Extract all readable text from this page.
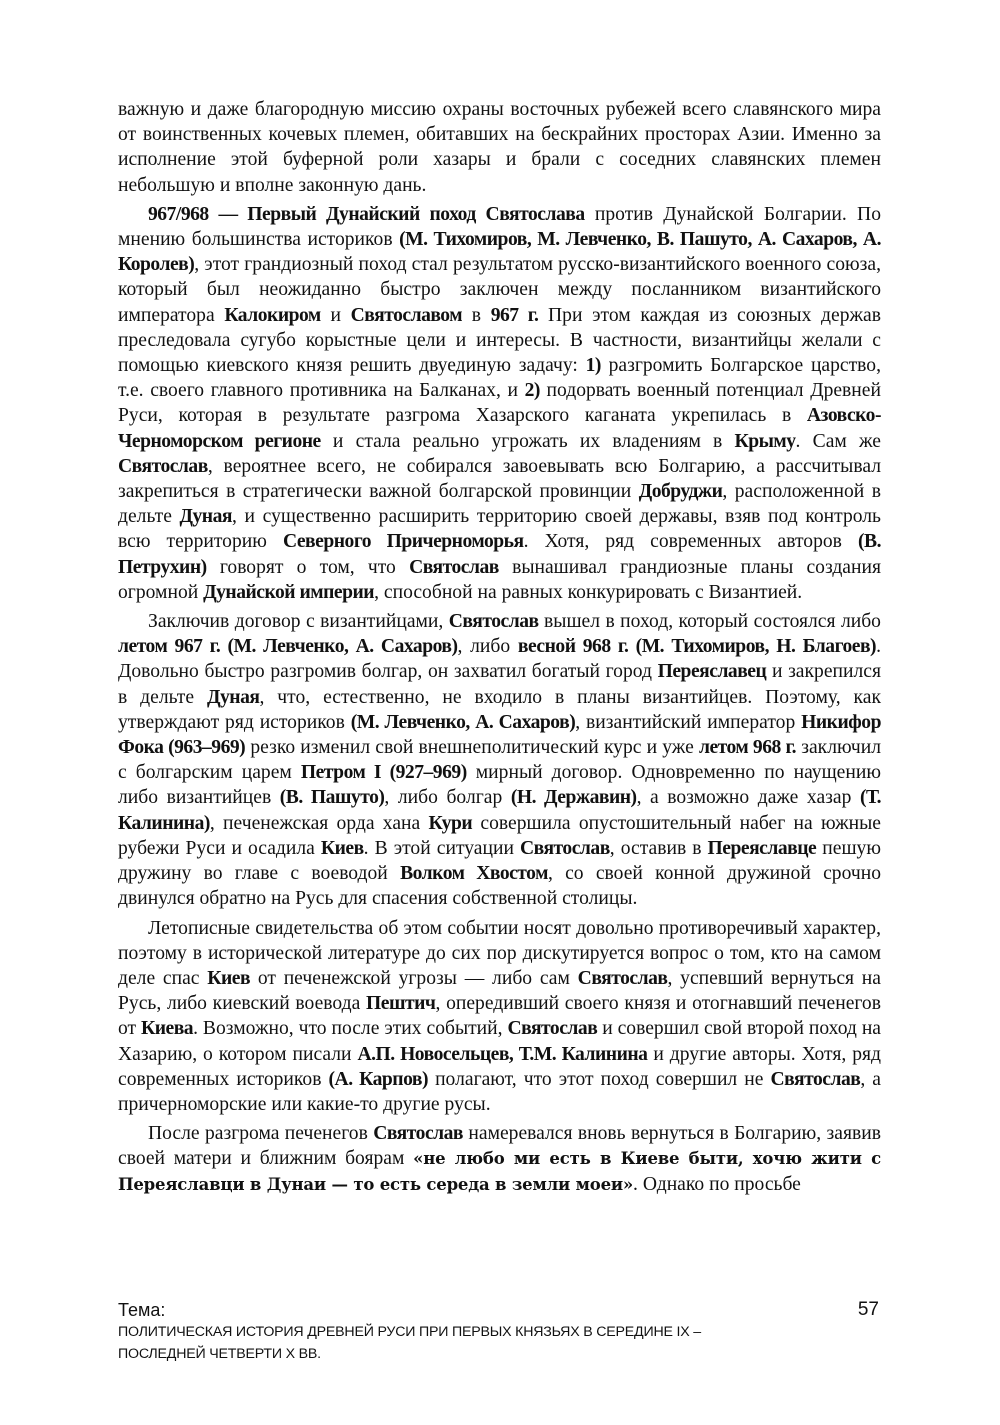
важную и даже благородную миссию охраны восточных рубежей всего славянского мира от воинственных кочевых племен, обитавших на бескрайних просторах Азии. Именно за исполнение этой буферной роли хазары и брали с соседних славянских племен небольшую и вполне законную дань.

967/968 — Первый Дунайский поход Святослава против Дунайской Болгарии. По мнению большинства историков (М. Тихомиров, М. Левченко, В. Пашуто, А. Сахаров, А. Королев), этот грандиозный поход стал результатом русско-византийского военного союза, который был неожиданно быстро заключен между посланником византийского императора Калокиром и Святославом в 967 г. При этом каждая из союзных держав преследовала сугубо корыстные цели и интересы. В частности, византийцы желали с помощью киевского князя решить двуединую задачу: 1) разгромить Болгарское царство, т.е. своего главного противника на Балканах, и 2) подорвать военный потенциал Древней Руси, которая в результате разгрома Хазарского каганата укрепилась в Азовско-Черноморском регионе и стала реально угрожать их владениям в Крыму. Сам же Святослав, вероятнее всего, не собирался завоевывать всю Болгарию, а рассчитывал закрепиться в стратегически важной болгарской провинции Добруджи, расположенной в дельте Дуная, и существенно расширить территорию своей державы, взяв под контроль всю территорию Северного Причерноморья. Хотя, ряд современных авторов (В. Петрухин) говорят о том, что Святослав вынашивал грандиозные планы создания огромной Дунайской империи, способной на равных конкурировать с Византией.

Заключив договор с византийцами, Святослав вышел в поход, который состоялся либо летом 967 г. (М. Левченко, А. Сахаров), либо весной 968 г. (М. Тихомиров, Н. Благоев). Довольно быстро разгромив болгар, он захватил богатый город Переяславец и закрепился в дельте Дуная, что, естественно, не входило в планы византийцев. Поэтому, как утверждают ряд историков (М. Левченко, А. Сахаров), византийский император Никифор Фока (963–969) резко изменил свой внешнеполитический курс и уже летом 968 г. заключил с болгарским царем Петром I (927–969) мирный договор. Одновременно по наущению либо византийцев (В. Пашуто), либо болгар (Н. Державин), а возможно даже хазар (Т. Калинина), печенежская орда хана Кури совершила опустошительный набег на южные рубежи Руси и осадила Киев. В этой ситуации Святослав, оставив в Переяславце пешую дружину во главе с воеводой Волком Хвостом, со своей конной дружиной срочно двинулся обратно на Русь для спасения собственной столицы.

Летописные свидетельства об этом событии носят довольно противоречивый характер, поэтому в исторической литературе до сих пор дискутируется вопрос о том, кто на самом деле спас Киев от печенежской угрозы — либо сам Святослав, успевший вернуться на Русь, либо киевский воевода Пештич, опередивший своего князя и отогнавший печенегов от Киева. Возможно, что после этих событий, Святослав и совершил свой второй поход на Хазарию, о котором писали А.П. Новосельцев, Т.М. Калинина и другие авторы. Хотя, ряд современных историков (А. Карпов) полагают, что этот поход совершил не Святослав, а причерноморские или какие-то другие русы.

После разгрома печенегов Святослав намеревался вновь вернуться в Болгарию, заявив своей матери и ближним боярам «не любо ми есть в Киеве быти, хочю жити с Переяславци в Дунаи — то есть середа в земли моеи». Однако по просьбе

Тема:
ПОЛИТИЧЕСКАЯ ИСТОРИЯ ДРЕВНЕЙ РУСИ ПРИ ПЕРВЫХ КНЯЗЬЯХ В СЕРЕДИНЕ IX –
ПОСЛЕДНЕЙ ЧЕТВЕРТИ X ВВ.
57
